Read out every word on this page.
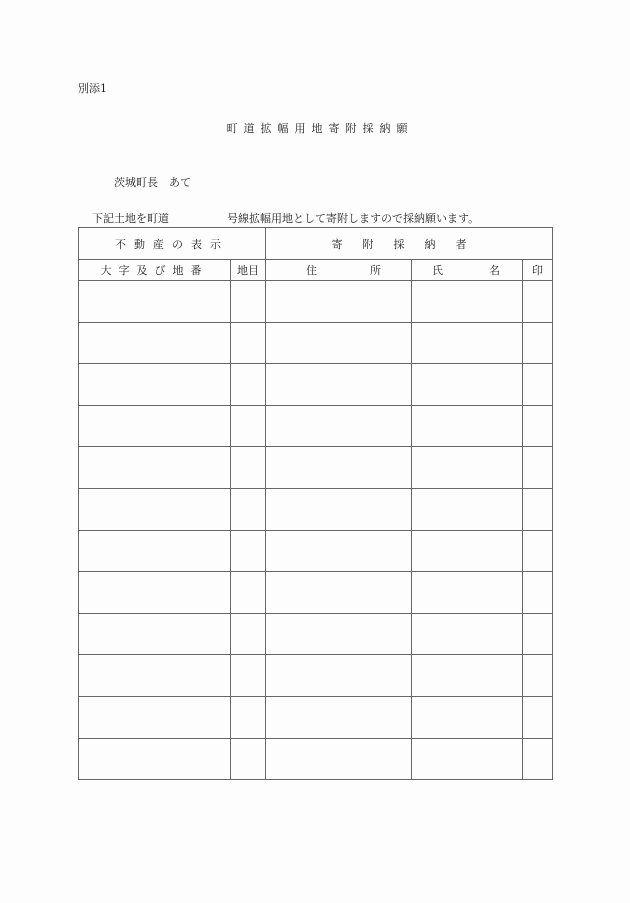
別添1
町道拡幅用地寄附採納願
茨城町長　あて
下記土地を町道	号線拡幅用地として寄附しますので採納願います。
不動産の表示		寄附採納者		
大字及び地番	地目	住 所	氏 名	印
